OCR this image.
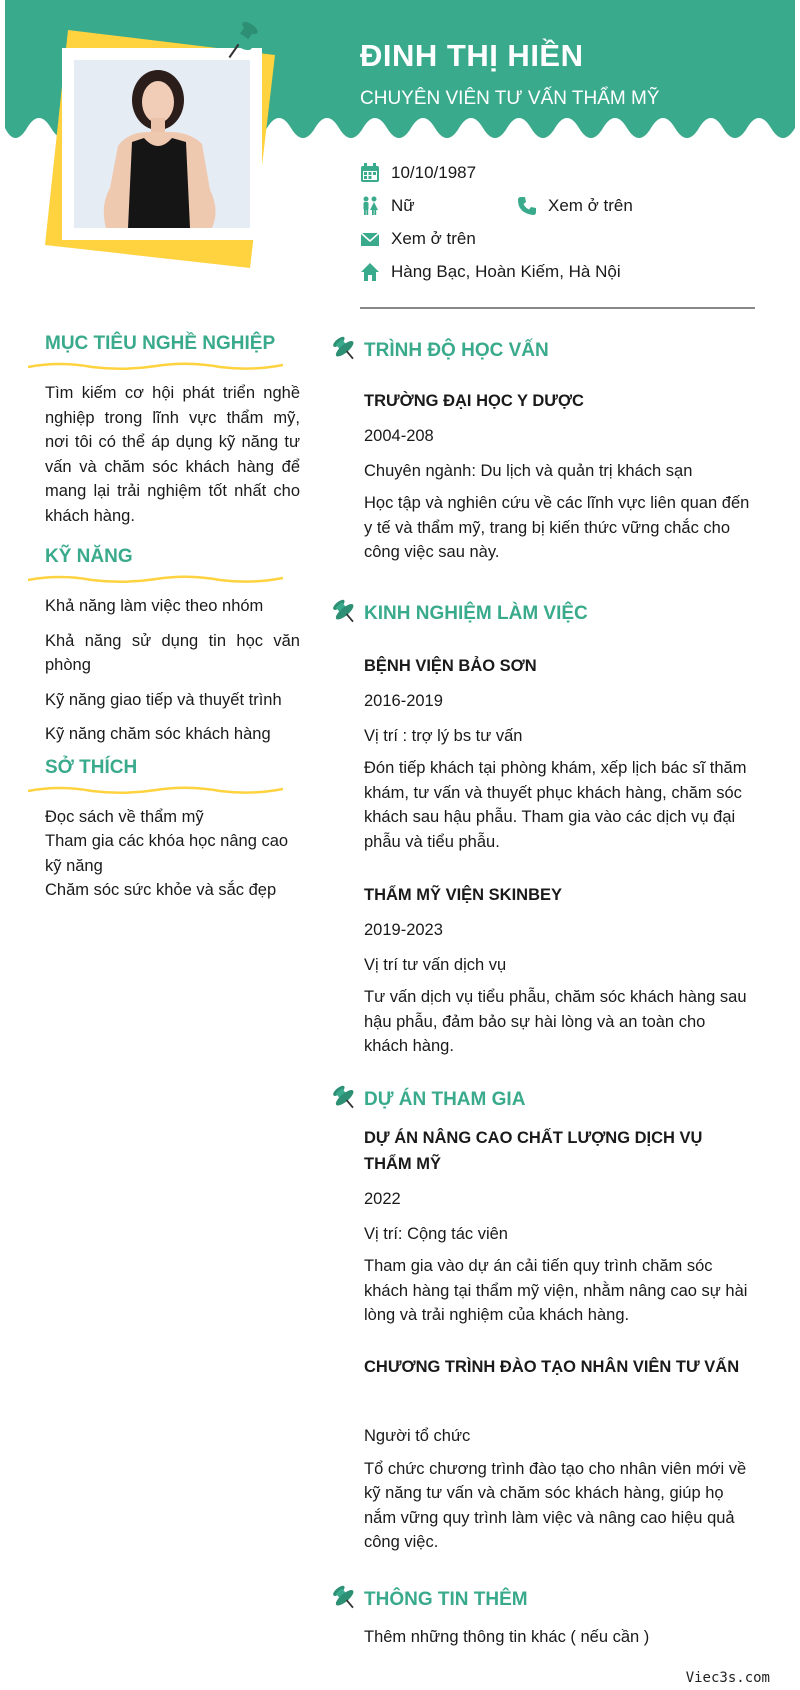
ĐINH THỊ HIỀN
CHUYÊN VIÊN TƯ VẤN THẨM MỸ
10/10/1987
Nữ	Xem ở trên
Xem ở trên
Hàng Bạc, Hoàn Kiếm, Hà Nội
MỤC TIÊU NGHỀ NGHIỆP
Tìm kiếm cơ hội phát triển nghề nghiệp trong lĩnh vực thẩm mỹ, nơi tôi có thể áp dụng kỹ năng tư vấn và chăm sóc khách hàng để mang lại trải nghiệm tốt nhất cho khách hàng.
KỸ NĂNG
Khả năng làm việc theo nhóm
Khả năng sử dụng tin học văn phòng
Kỹ năng giao tiếp và thuyết trình
Kỹ năng chăm sóc khách hàng
SỞ THÍCH
Đọc sách về thẩm mỹ
Tham gia các khóa học nâng cao kỹ năng
Chăm sóc sức khỏe và sắc đẹp
TRÌNH ĐỘ HỌC VẤN
TRƯỜNG ĐẠI HỌC Y DƯỢC
2004-208
Chuyên ngành: Du lịch và quản trị khách sạn
Học tập và nghiên cứu về các lĩnh vực liên quan đến y tế và thẩm mỹ, trang bị kiến thức vững chắc cho công việc sau này.
KINH NGHIỆM LÀM VIỆC
BỆNH VIỆN BẢO SƠN
2016-2019
Vị trí : trợ lý bs tư vấn
Đón tiếp khách tại phòng khám, xếp lịch bác sĩ thăm khám, tư vấn và thuyết phục khách hàng, chăm sóc khách sau hậu phẫu. Tham gia vào các dịch vụ đại phẫu và tiểu phẫu.
THẨM MỸ VIỆN SKINBEY
2019-2023
Vị trí tư vấn dịch vụ
Tư vấn dịch vụ tiểu phẫu, chăm sóc khách hàng sau hậu phẫu, đảm bảo sự hài lòng và an toàn cho khách hàng.
DỰ ÁN THAM GIA
DỰ ÁN NÂNG CAO CHẤT LƯỢNG DỊCH VỤ THẨM MỸ
2022
Vị trí: Cộng tác viên
Tham gia vào dự án cải tiến quy trình chăm sóc khách hàng tại thẩm mỹ viện, nhằm nâng cao sự hài lòng và trải nghiệm của khách hàng.
CHƯƠNG TRÌNH ĐÀO TẠO NHÂN VIÊN TƯ VẤN
Người tổ chức
Tổ chức chương trình đào tạo cho nhân viên mới về kỹ năng tư vấn và chăm sóc khách hàng, giúp họ nắm vững quy trình làm việc và nâng cao hiệu quả công việc.
THÔNG TIN THÊM
Thêm những thông tin khác ( nếu cần )
Viec3s.com
